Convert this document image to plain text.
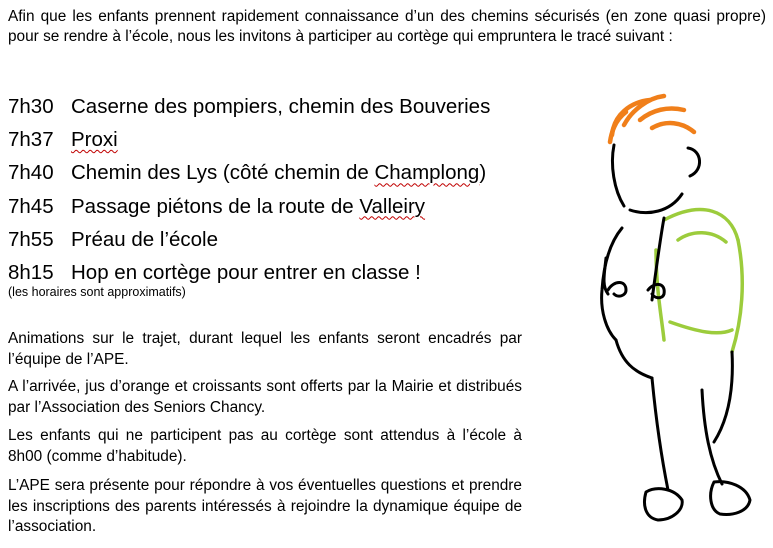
Afin que les enfants prennent rapidement connaissance d’un des chemins sécurisés (en zone quasi propre) pour se rendre à l’école, nous les invitons à participer au cortège qui empruntera le tracé suivant :

7h30 Caserne des pompiers, chemin des Bouveries
7h37 Proxi
7h40 Chemin des Lys (côté chemin de Champlong)
7h45 Passage piétons de la route de Valleiry
7h55 Préau de l’école
8h15 Hop en cortège pour entrer en classe !
(les horaires sont approximatifs)

Animations sur le trajet, durant lequel les enfants seront encadrés par l’équipe de l’APE.

A l’arrivée, jus d’orange et croissants sont offerts par la Mairie et distribués par l’Association des Seniors Chancy.

Les enfants qui ne participent pas au cortège sont attendus à l’école à 8h00 (comme d’habitude).

L’APE sera présente pour répondre à vos éventuelles questions et prendre les inscriptions des parents intéressés à rejoindre la dynamique équipe de l’association.
